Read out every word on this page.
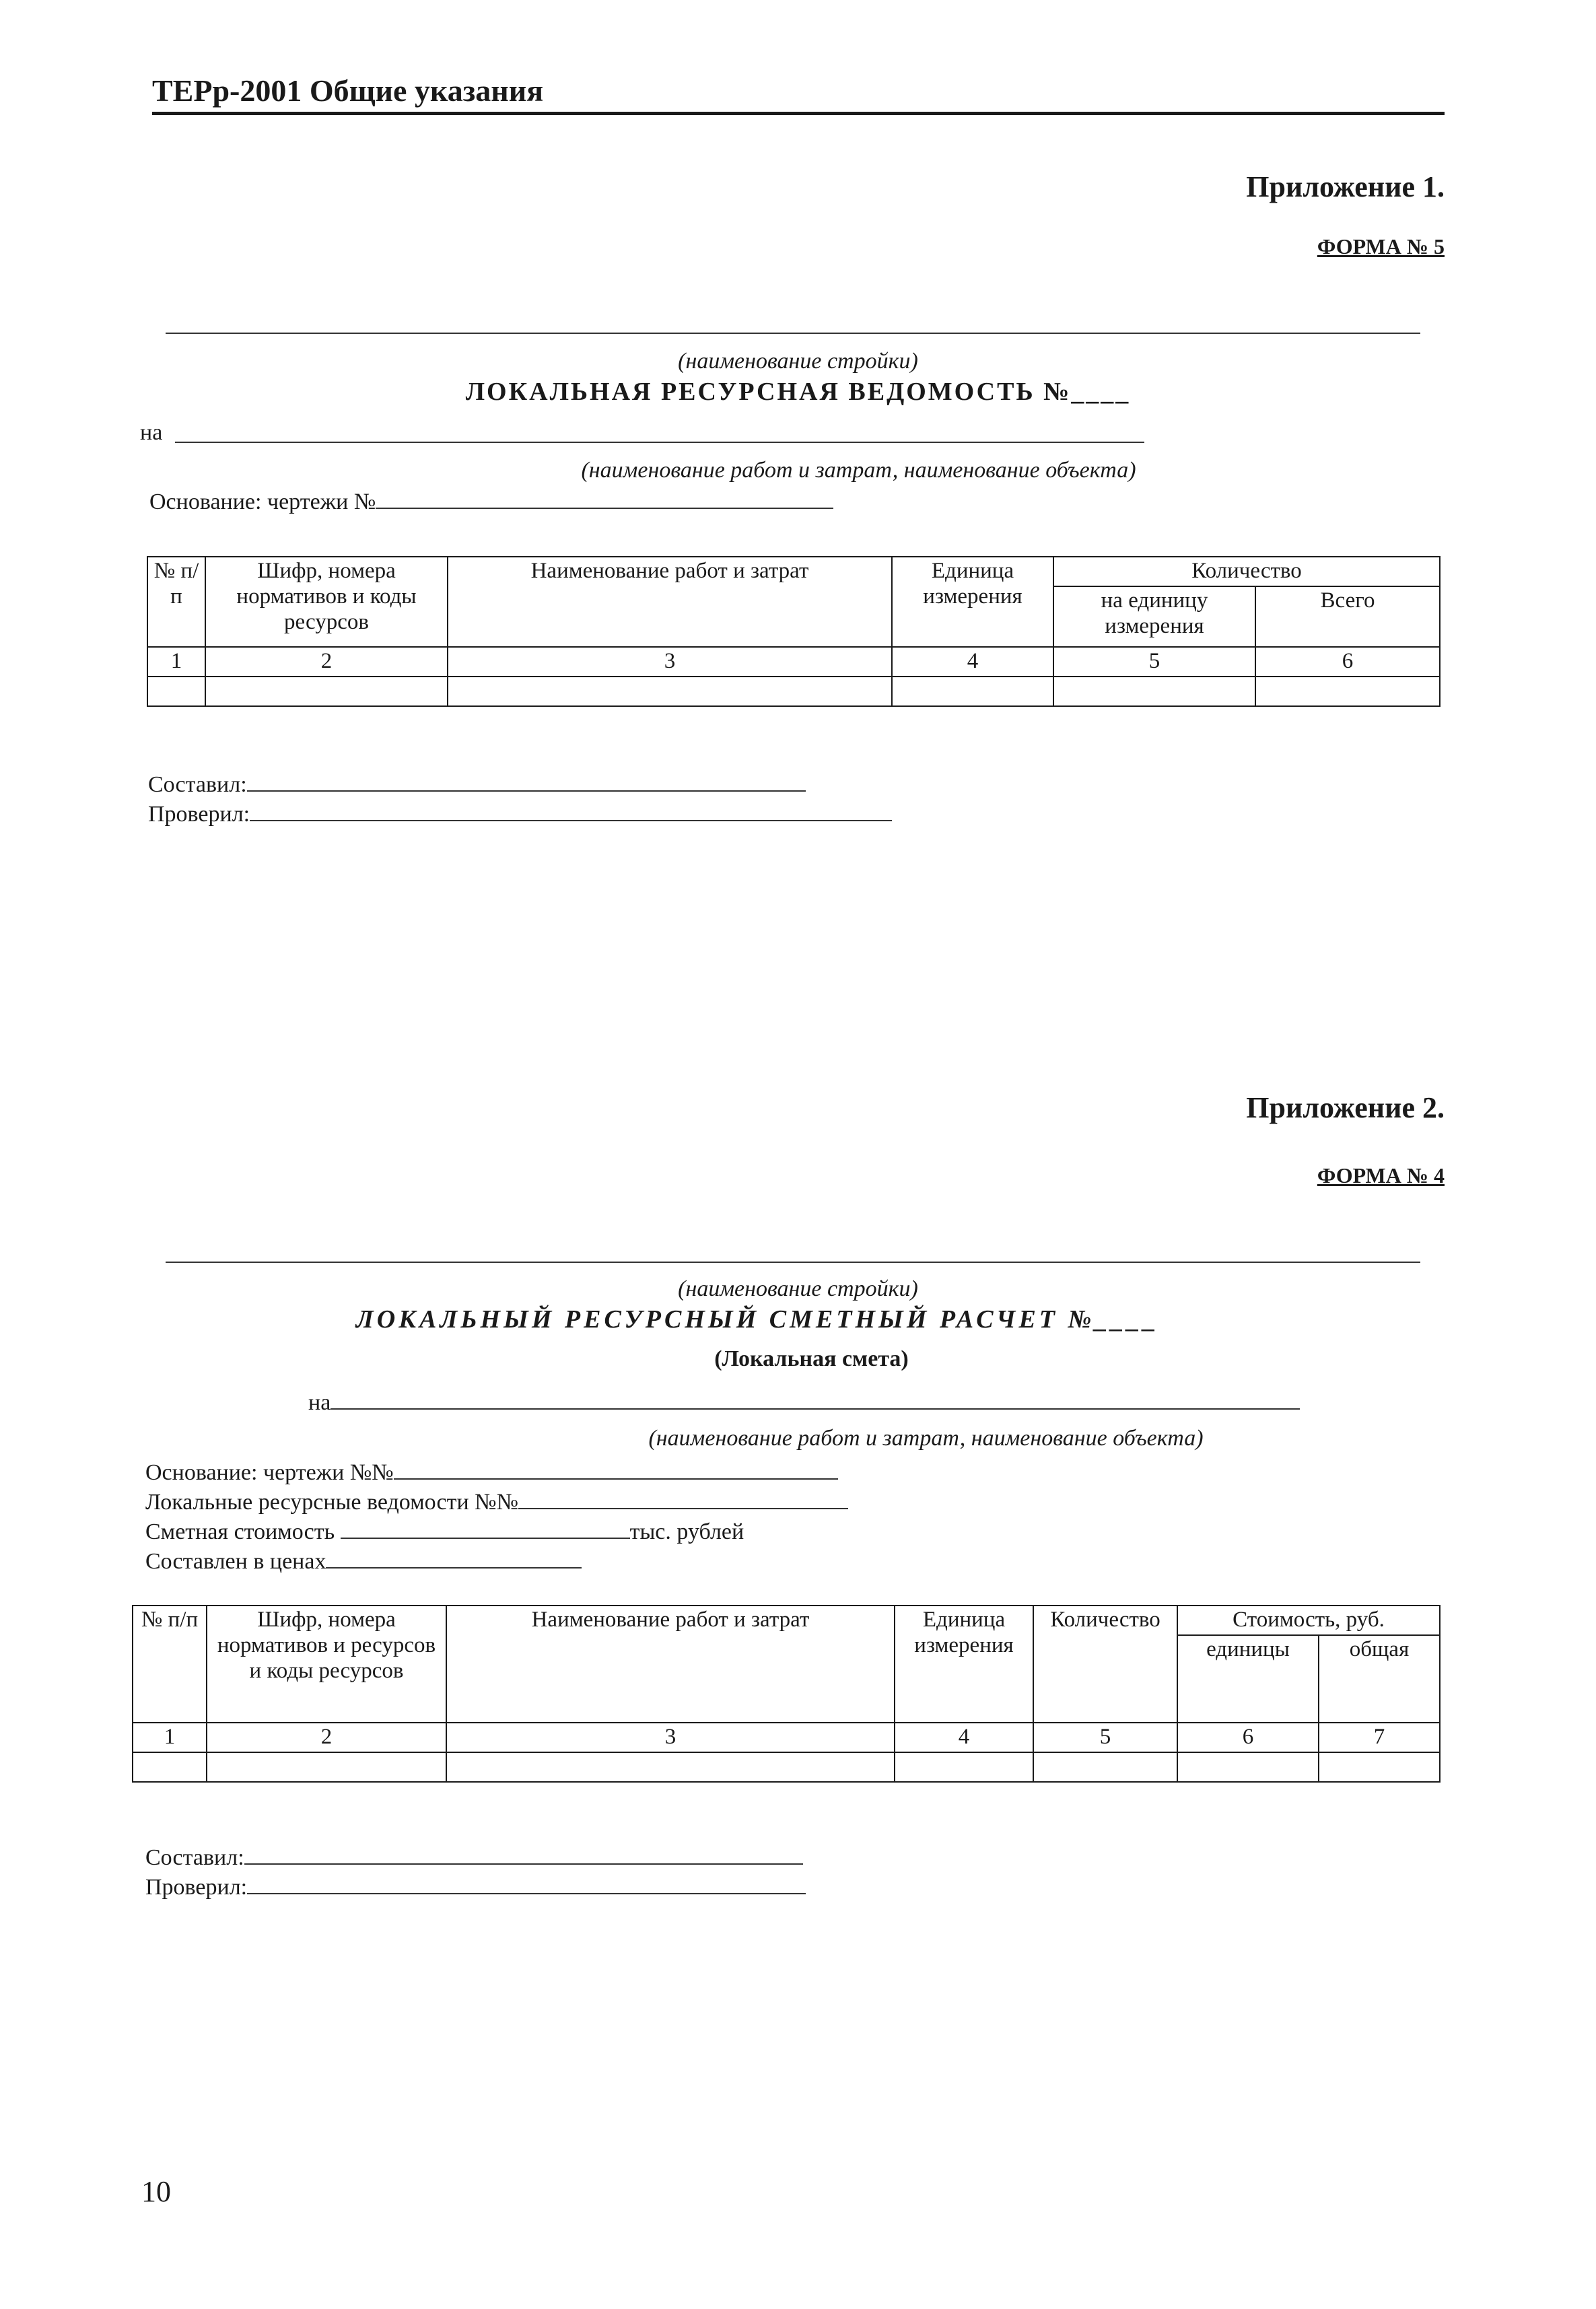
ТЕРр-2001 Общие указания
Приложение 1.
ФОРМА № 5
(наименование стройки)
ЛОКАЛЬНАЯ РЕСУРСНАЯ ВЕДОМОСТЬ №____
на
(наименование работ и затрат, наименование объекта)
Основание: чертежи №
№ п/п	Шифр, номера нормативов и коды ресурсов	Наименование работ и затрат	Единица измерения	Количество	
				на единицу измерения	Всего
1	2	3	4	5	6

Составил:
Проверил:
Приложение 2.
ФОРМА № 4
(наименование стройки)
ЛОКАЛЬНЫЙ РЕСУРСНЫЙ СМЕТНЫЙ РАСЧЕТ №____
(Локальная смета)
на
(наименование работ и затрат, наименование объекта)
Основание: чертежи №№
Локальные ресурсные ведомости №№
Сметная стоимость	тыс. рублей
Составлен в ценах
№ п/п	Шифр, номера нормативов и ресурсов и коды ресурсов	Наименование работ и затрат	Единица измерения	Количество	Стоимость, руб.	
					единицы	общая
1	2	3	4	5	6	7

Составил:
Проверил:
10
